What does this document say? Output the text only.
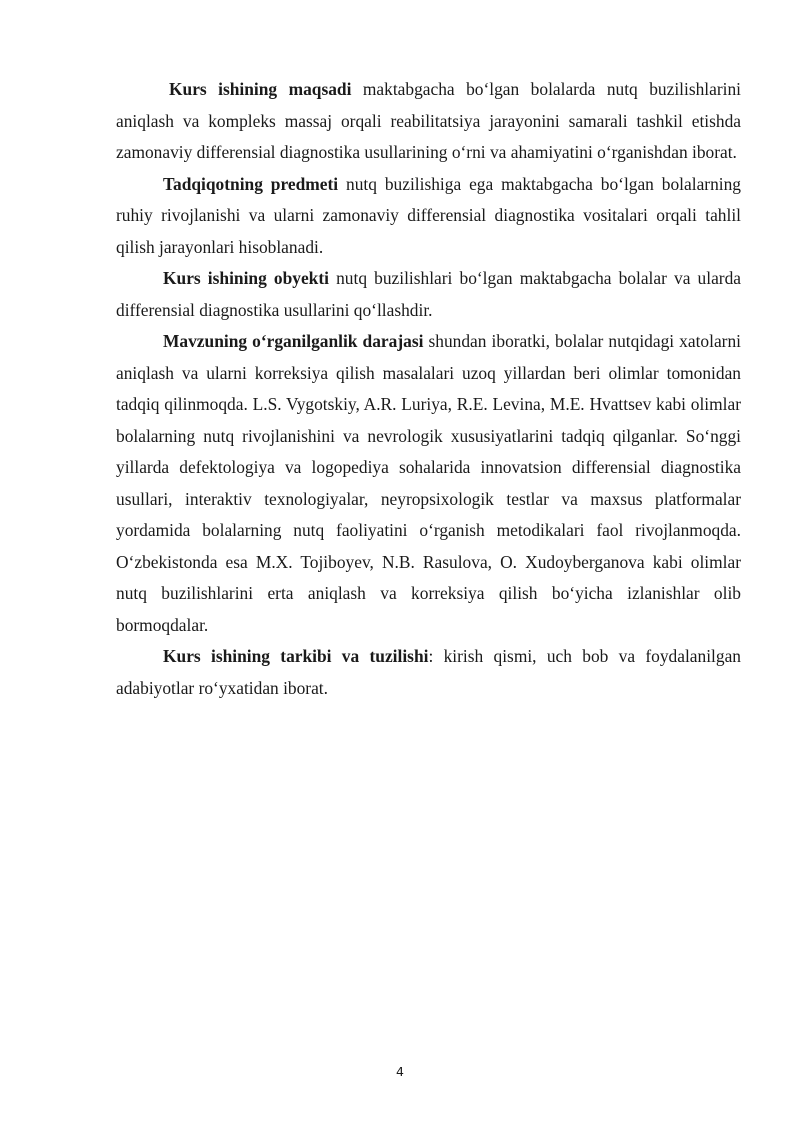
Kurs ishining maqsadi maktabgacha bo‘lgan bolalarda nutq buzilishlarini aniqlash va kompleks massaj orqali reabilitatsiya jarayonini samarali tashkil etishda zamonaviy differensial diagnostika usullarining o‘rni va ahamiyatini o‘rganishdan iborat.

Tadqiqotning predmeti nutq buzilishiga ega maktabgacha bo‘lgan bolalarning ruhiy rivojlanishi va ularni zamonaviy differensial diagnostika vositalari orqali tahlil qilish jarayonlari hisoblanadi.

Kurs ishining obyekti nutq buzilishlari bo‘lgan maktabgacha bolalar va ularda differensial diagnostika usullarini qo‘llashdir.

Mavzuning o‘rganilganlik darajasi shundan iboratki, bolalar nutqidagi xatolarni aniqlash va ularni korreksiya qilish masalalari uzoq yillardan beri olimlar tomonidan tadqiq qilinmoqda. L.S. Vygotskiy, A.R. Luriya, R.E. Levina, M.E. Hvattsev kabi olimlar bolalarning nutq rivojlanishini va nevrologik xususiyatlarini tadqiq qilganlar. So‘nggi yillarda defektologiya va logopediya sohalarida innovatsion differensial diagnostika usullari, interaktiv texnologiyalar, neyropsixologik testlar va maxsus platformalar yordamida bolalarning nutq faoliyatini o‘rganish metodikalari faol rivojlanmoqda. O‘zbekistonda esa M.X. Tojiboyev, N.B. Rasulova, O. Xudoyberganova kabi olimlar nutq buzilishlarini erta aniqlash va korreksiya qilish bo‘yicha izlanishlar olib bormoqdalar.

Kurs ishining tarkibi va tuzilishi: kirish qismi, uch bob va foydalanilgan adabiyotlar ro‘yxatidan iborat.

4
